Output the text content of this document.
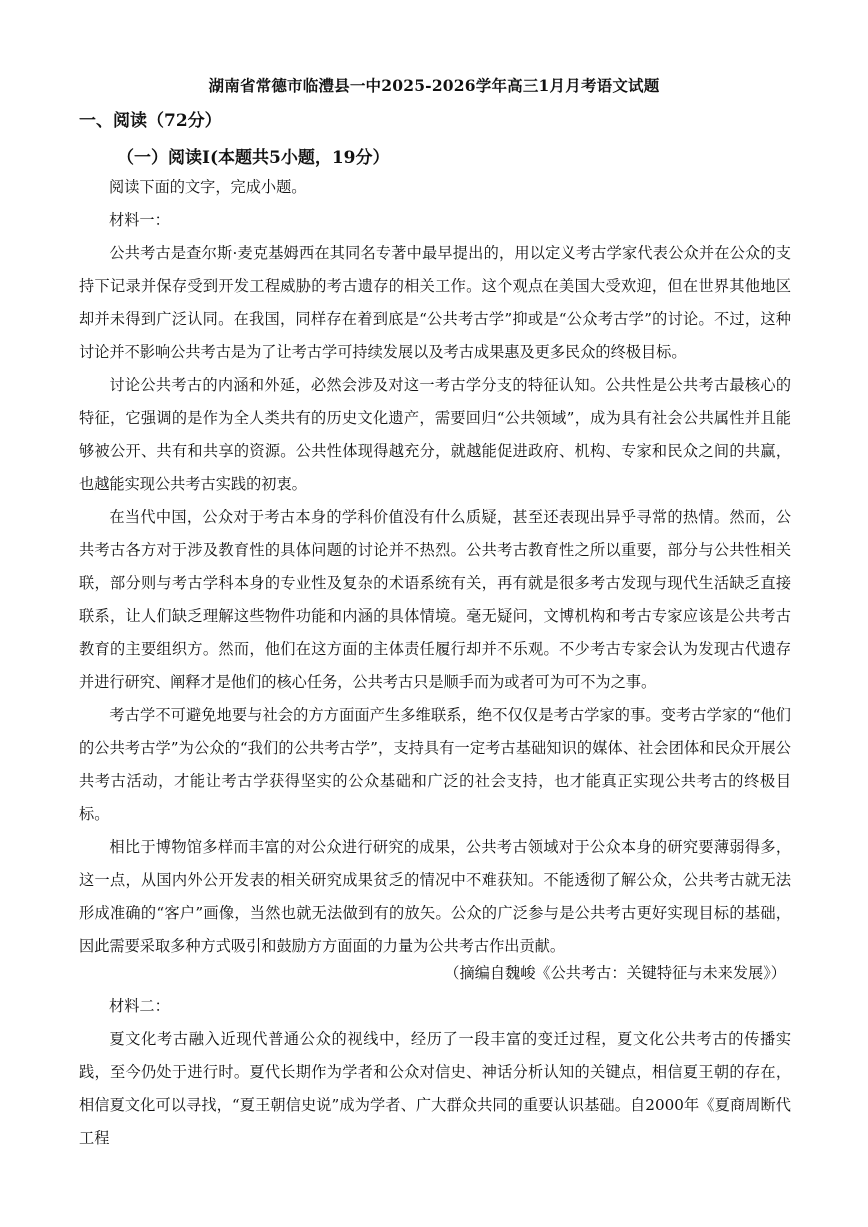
湖南省常德市临澧县一中2025-2026学年高三1月月考语文试题
一、阅读（72分）
（一）阅读I(本题共5小题，19分）
阅读下面的文字，完成小题。
材料一：

公共考古是查尔斯·麦克基姆西在其同名专著中最早提出的，用以定义考古学家代表公众并在公众的支持下记录并保存受到开发工程威胁的考古遗存的相关工作。这个观点在美国大受欢迎，但在世界其他地区却并未得到广泛认同。在我国，同样存在着到底是“公共考古学”抑或是“公众考古学”的讨论。不过，这种讨论并不影响公共考古是为了让考古学可持续发展以及考古成果惠及更多民众的终极目标。

讨论公共考古的内涵和外延，必然会涉及对这一考古学分支的特征认知。公共性是公共考古最核心的特征，它强调的是作为全人类共有的历史文化遗产，需要回归“公共领域”，成为具有社会公共属性并且能够被公开、共有和共享的资源。公共性体现得越充分，就越能促进政府、机构、专家和民众之间的共赢，也越能实现公共考古实践的初衷。

在当代中国，公众对于考古本身的学科价值没有什么质疑，甚至还表现出异乎寻常的热情。然而，公共考古各方对于涉及教育性的具体问题的讨论并不热烈。公共考古教育性之所以重要，部分与公共性相关联，部分则与考古学科本身的专业性及复杂的术语系统有关，再有就是很多考古发现与现代生活缺乏直接联系，让人们缺乏理解这些物件功能和内涵的具体情境。毫无疑问，文博机构和考古专家应该是公共考古教育的主要组织方。然而，他们在这方面的主体责任履行却并不乐观。不少考古专家会认为发现古代遗存并进行研究、阐释才是他们的核心任务，公共考古只是顺手而为或者可为可不为之事。

考古学不可避免地要与社会的方方面面产生多维联系，绝不仅仅是考古学家的事。变考古学家的“他们的公共考古学”为公众的“我们的公共考古学”，支持具有一定考古基础知识的媒体、社会团体和民众开展公共考古活动，才能让考古学获得坚实的公众基础和广泛的社会支持，也才能真正实现公共考古的终极目标。

相比于博物馆多样而丰富的对公众进行研究的成果，公共考古领域对于公众本身的研究要薄弱得多，这一点，从国内外公开发表的相关研究成果贫乏的情况中不难获知。不能透彻了解公众，公共考古就无法形成准确的“客户”画像，当然也就无法做到有的放矢。公众的广泛参与是公共考古更好实现目标的基础，因此需要采取多种方式吸引和鼓励方方面面的力量为公共考古作出贡献。

（摘编自魏峻《公共考古：关键特征与未来发展》）
材料二：

夏文化考古融入近现代普通公众的视线中，经历了一段丰富的变迁过程，夏文化公共考古的传播实践，至今仍处于进行时。夏代长期作为学者和公众对信史、神话分析认知的关键点，相信夏王朝的存在，相信夏文化可以寻找，“夏王朝信史说”成为学者、广大群众共同的重要认识基础。自2000年《夏商周断代工程
